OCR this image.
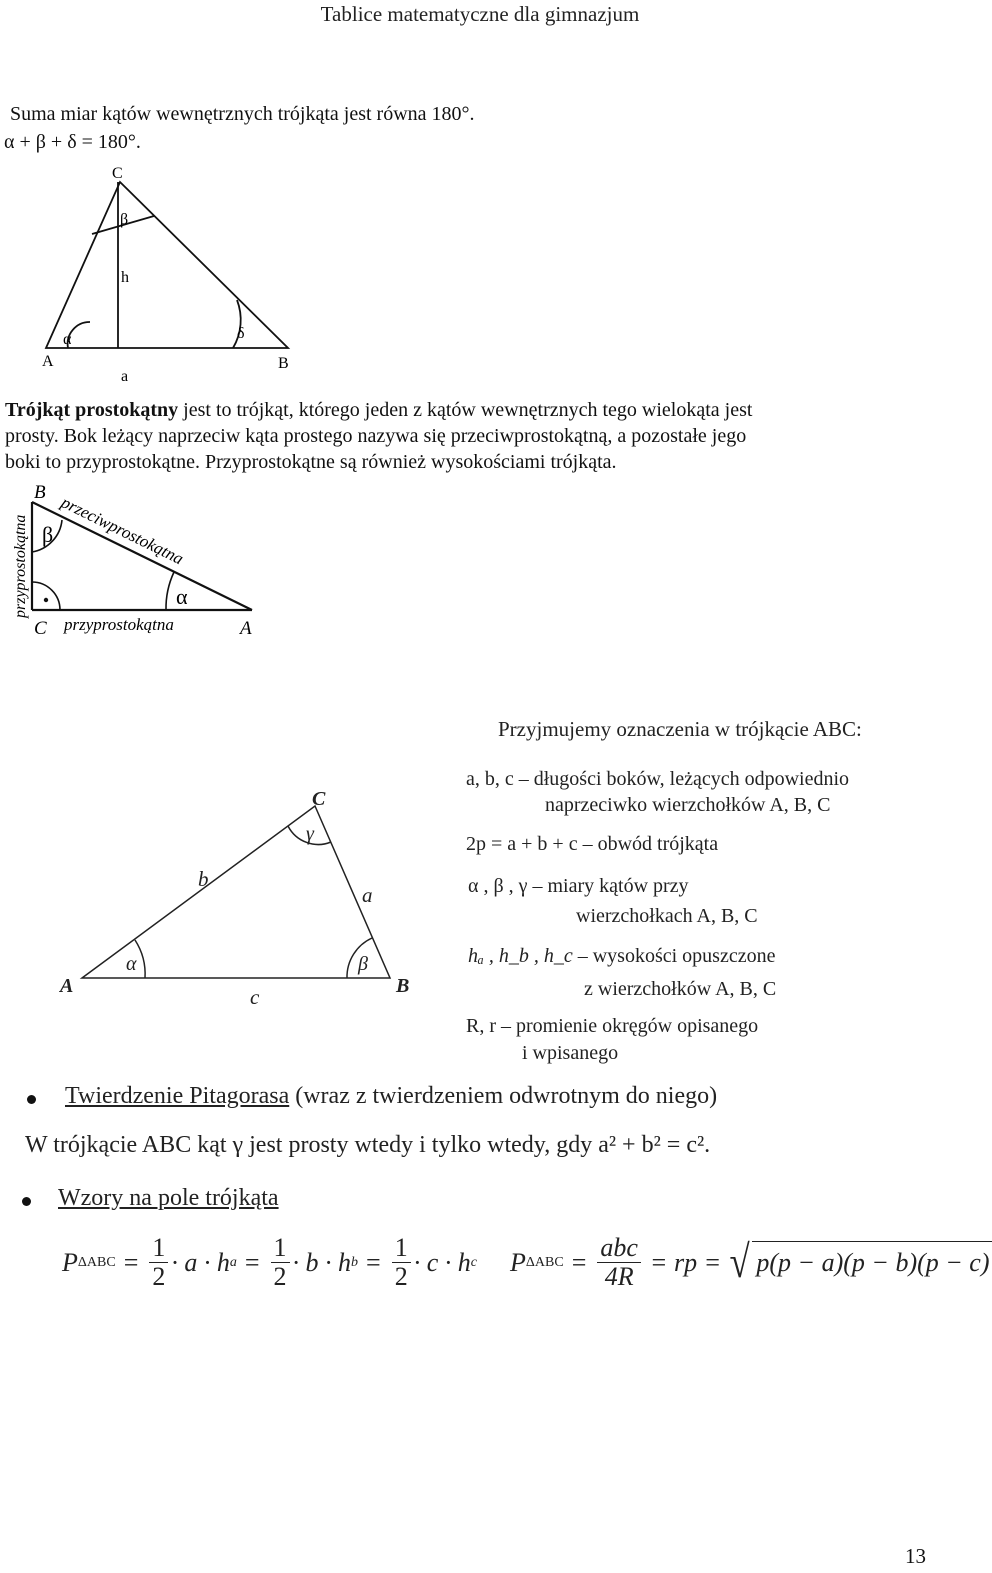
Tablice matematyczne dla gimnazjum
Suma miar kątów wewnętrznych trójkąta jest równa 180°.
α + β + δ = 180°.
C
A	B
a
h
α
β
δ
Trójkąt prostokątny jest to trójkąt, którego jeden z kątów wewnętrznych tego wielokąta jest
prosty. Bok leżący naprzeciw kąta prostego nazywa się przeciwprostokątną, a pozostałe jego
boki to przyprostokątne. Przyprostokątne są również wysokościami trójkąta.
B
C	A
β
α
przyprostokątna
przyprostokątna przeciwprostokątna
C
A	B
b
a
c
α	β
γ
Przyjmujemy oznaczenia w trójkącie ABC:
a, b, c – długości boków, leżących odpowiednio
naprzeciwko wierzchołków A, B, C
2p = a + b + c – obwód trójkąta
α , β , γ – miary kątów przy
wierzchołkach A, B, C
hₐ , h_b , h_c – wysokości opuszczone
z wierzchołków A, B, C
R, r – promienie okręgów opisanego
i wpisanego
Twierdzenie Pitagorasa (wraz z twierdzeniem odwrotnym do niego)
W trójkącie ABC kąt γ jest prosty wtedy i tylko wtedy, gdy a² + b² = c².
Wzory na pole trójkąta
P $\Delta ABC = \frac{1}{2} \cdot a \cdot h$ $a = \frac{1}{2} \cdot b \cdot h$ $b = \frac{1}{2} \cdot c \cdot h$ c P $\Delta ABC = \frac{\text{abc}}{4R}$ = rp = √ p(p − a)(p − b)(p − c)
13
